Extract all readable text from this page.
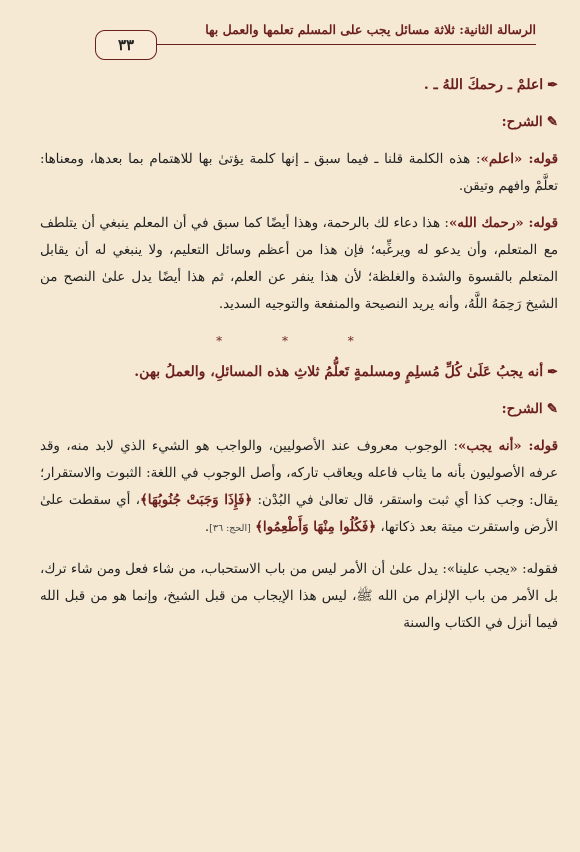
الرسالة الثانية: ثلاثة مسائل يجب على المسلم تعلمها والعمل بها
٣٣

✒اعلمْ ـ رحمكَ اللهُ ـ .

✎الشرح:

قوله: «اعلم»: هذه الكلمة قلنا ـ فيما سبق ـ إنها كلمة يؤتىٰ بها للاهتمام بما بعدها، ومعناها: تعلَّمْ وافهم وتيقن.

قوله: «رحمك الله»: هذا دعاء لك بالرحمة، وهذا أيضًا كما سبق في أن المعلم ينبغي أن يتلطف مع المتعلم، وأن يدعو له ويرغِّبه؛ فإن هذا من أعظم وسائل التعليم، ولا ينبغي له أن يقابل المتعلم بالقسوة والشدة والغلظة؛ لأن هذا ينفر عن العلم، ثم هذا أيضًا يدل علىٰ النصح من الشيخ رَحِمَهُ اللَّهُ، وأنه يريد النصيحة والمنفعة والتوجيه السديد.

* * *

✒أنه يجبُ عَلَىٰ كُلِّ مُسلِمٍ ومسلمةٍ تَعلُّمُ ثلاثِ هذه المسائلِ، والعملُ بهن.

✎الشرح:

قوله: «أنه يجب»: الوجوب معروف عند الأصوليين، والواجب هو الشيء الذي لابد منه، وقد عرفه الأصوليون بأنه ما يثاب فاعله ويعاقب تاركه، وأصل الوجوب في اللغة: الثبوت والاستقرار؛ يقال: وجب كذا أي ثبت واستقر، قال تعالىٰ في البُدْن: ﴿فَإِذَا وَجَبَتْ جُنُوبُهَا﴾، أي سقطت علىٰ الأرض واستقرت ميتة بعد ذكاتها، ﴿فَكُلُوا مِنْهَا وَأَطْعِمُوا﴾ [الحج: ٣٦].

فقوله: «يجب علينا»: يدل علىٰ أن الأمر ليس من باب الاستحباب، من شاء فعل ومن شاء ترك، بل الأمر من باب الإلزام من الله ﷺ، ليس هذا الإيجاب من قبل الشيخ، وإنما هو من قبل الله فيما أنزل في الكتاب والسنة
